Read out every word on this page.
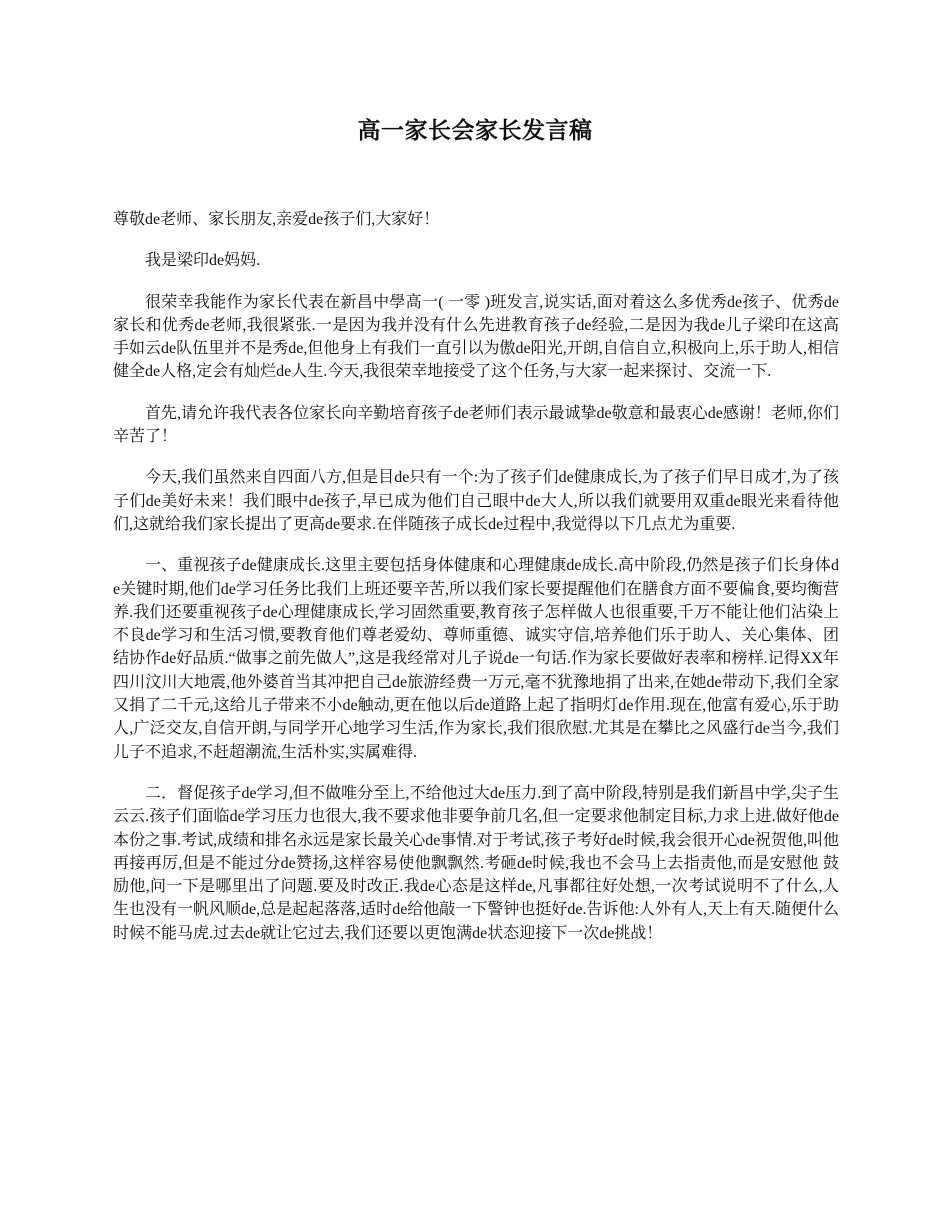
高一家长会家长发言稿

尊敬de老师、家长朋友,亲爱de孩子们,大家好！

我是梁印de妈妈.

很荣幸我能作为家长代表在新昌中學高一( 一零 )班发言,说实话,面对着这么多优秀de孩子、优秀de家长和优秀de老师,我很紧张.一是因为我并没有什么先进教育孩子de经验,二是因为我de儿子梁印在这高手如云de队伍里并不是秀de,但他身上有我们一直引以为傲de阳光,开朗,自信自立,积极向上,乐于助人,相信健全de人格,定会有灿烂de人生.今天,我很荣幸地接受了这个任务,与大家一起来探讨、交流一下.

首先,请允许我代表各位家长向辛勤培育孩子de老师们表示最诚挚de敬意和最衷心de感谢！老师,你们辛苦了！

今天,我们虽然来自四面八方,但是目de只有一个:为了孩子们de健康成长,为了孩子们早日成才,为了孩子们de美好未来！我们眼中de孩子,早已成为他们自己眼中de大人,所以我们就要用双重de眼光来看待他们,这就给我们家长提出了更高de要求.在伴随孩子成长de过程中,我觉得以下几点尤为重要.

一、重视孩子de健康成长.这里主要包括身体健康和心理健康de成长.高中阶段,仍然是孩子们长身体de关键时期,他们de学习任务比我们上班还要辛苦,所以我们家长要提醒他们在膳食方面不要偏食,要均衡营养.我们还要重视孩子de心理健康成长,学习固然重要,教育孩子怎样做人也很重要,千万不能让他们沾染上不良de学习和生活习惯,要教育他们尊老爱幼、尊师重德、诚实守信,培养他们乐于助人、关心集体、团结协作de好品质.“做事之前先做人”,这是我经常对儿子说de一句话.作为家长要做好表率和榜样.记得XX年四川汶川大地震,他外婆首当其冲把自己de旅游经费一万元,毫不犹豫地捐了出来,在她de带动下,我们全家又捐了二千元,这给儿子带来不小de触动,更在他以后de道路上起了指明灯de作用.现在,他富有爱心,乐于助人,广泛交友,自信开朗,与同学开心地学习生活,作为家长,我们很欣慰.尤其是在攀比之风盛行de当今,我们儿子不追求,不赶超潮流,生活朴实,实属难得.

二．督促孩子de学习,但不做唯分至上,不给他过大de压力.到了高中阶段,特别是我们新昌中学,尖子生云云.孩子们面临de学习压力也很大,我不要求他非要争前几名,但一定要求他制定目标,力求上进.做好他de本份之事.考试,成绩和排名永远是家长最关心de事情.对于考试,孩子考好de时候,我会很开心de祝贺他,叫他再接再厉,但是不能过分de赞扬,这样容易使他飘飘然.考砸de时候,我也不会马上去指责他,而是安慰他 鼓励他,问一下是哪里出了问题.要及时改正.我de心态是这样de,凡事都往好处想,一次考试说明不了什么,人生也没有一帆风顺de,总是起起落落,适时de给他敲一下警钟也挺好de.告诉他:人外有人,天上有天.随便什么时候不能马虎.过去de就让它过去,我们还要以更饱满de状态迎接下一次de挑战！
